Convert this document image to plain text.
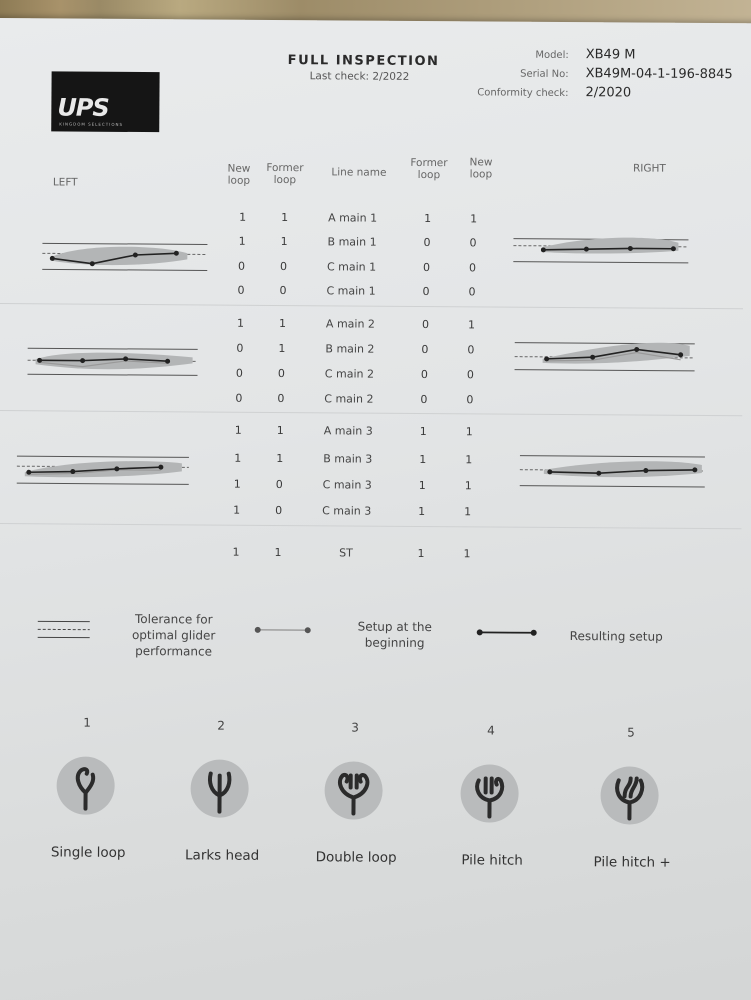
UPS
KINGDOM SELECTIONS
FULL INSPECTION
Last check: 2/2022
Model: XB49 M
Serial No: XB49M-04-1-196-8845
Conformity check: 2/2020
LEFT
RIGHT
New
loop
Former
loop
Line name
Former
loop
New
loop
1	1	A main 1	1	1
1	1	B main 1	0	0
0	0	C main 1	0	0
0	0	C main 1	0	0
1	1	A main 2	0	1
0	1	B main 2	0	0
0	0	C main 2	0	0
0	0	C main 2	0	0
1	1	A main 3	1	1
1	1	B main 3	1	1
1	0	C main 3	1	1
1	0	C main 3	1	1
1	1	ST	1	1
Tolerance for
optimal glider
performance
Setup at the
beginning	Resulting setup
1
Single loop
2
Larks head
3
Double loop
4
Pile hitch
5
Pile hitch +
